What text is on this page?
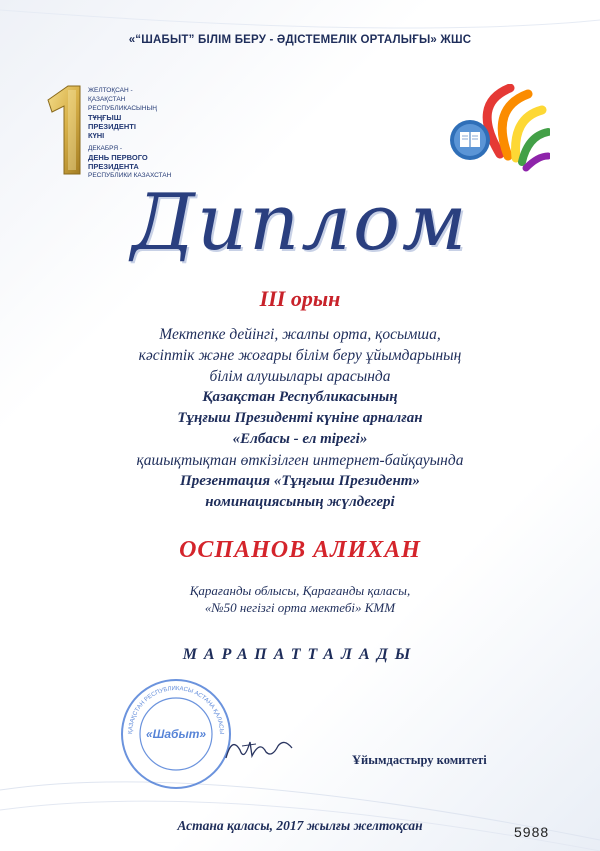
«“ШАБЫТ” БІЛІМ БЕРУ - ӘДІСТЕМЕЛІК ОРТАЛЫҒЫ» ЖШС
ЖЕЛТОҚСАН -
ҚАЗАҚСТАН
РЕСПУБЛИКАСЫНЫҢ
ТҰҢҒЫШ
ПРЕЗИДЕНТІ
КҮНІ
ДЕКАБРЯ -
ДЕНЬ ПЕРВОГО
ПРЕЗИДЕНТА
РЕСПУБЛИКИ КАЗАХСТАН
Диплом
III орын
Мектепке дейінгі, жалпы орта, қосымша,
кәсіптік және жоғары білім беру ұйымдарының
білім алушылары арасында
Қазақстан Республикасының
Тұңғыш Президенті күніне арналған
«Елбасы - ел тірегі»
қашықтықтан өткізілген интернет-байқауында
Презентация «Тұңғыш Президент»
номинациясының жүлдегері
ОСПАНОВ АЛИХАН
Қарағанды облысы, Қарағанды қаласы,
«№50 негізгі орта мектебі» КММ
МАРАПАТТАЛАДЫ
ҚАЗАҚСТАН РЕСПУБЛИКАСЫ АСТАНА ҚАЛАСЫ
«Шабыт»
Ұйымдастыру комитеті
Астана қаласы, 2017 жылғы желтоқсан	5988
